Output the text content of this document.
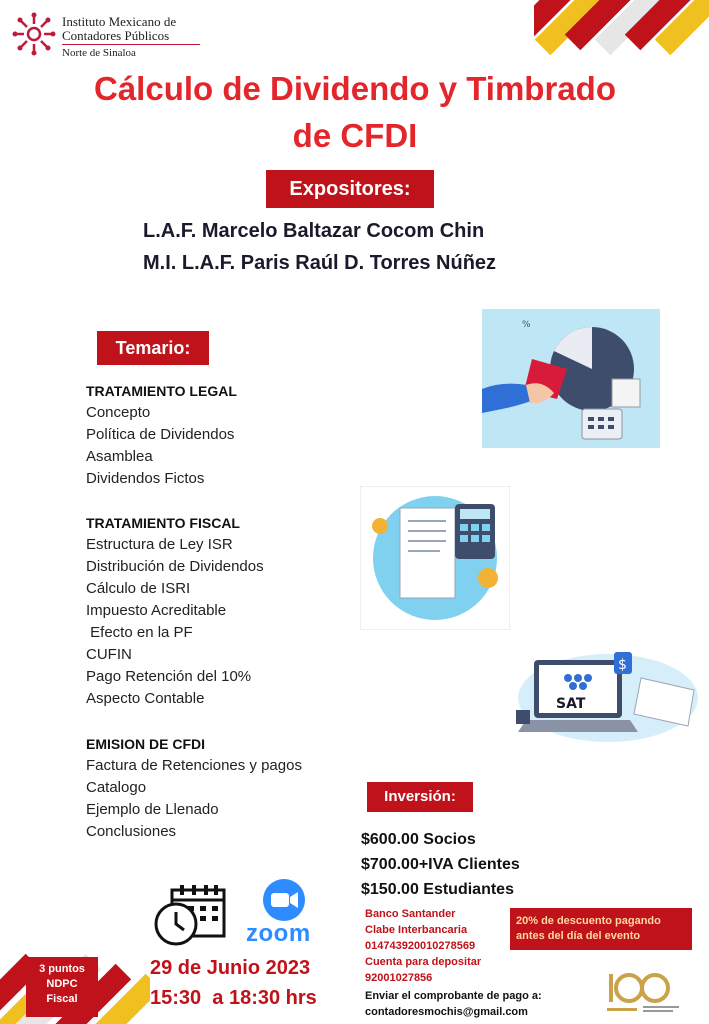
Instituto Mexicano de
Contadores Públicos
Norte de Sinaloa
Cálculo de Dividendo y Timbrado
de CFDI
Expositores:
L.A.F. Marcelo Baltazar Cocom Chin
M.I. L.A.F. Paris Raúl D. Torres Núñez
Temario:
TRATAMIENTO LEGAL
Concepto
Política de Dividendos
Asamblea
Dividendos Fictos
TRATAMIENTO FISCAL
Estructura de Ley ISR
Distribución de Dividendos
Cálculo de ISRI
Impuesto Acreditable
Efecto en la PF
CUFIN
Pago Retención del 10%
Aspecto Contable
EMISION DE CFDI
Factura de Retenciones y pagos
Catalogo
Ejemplo de Llenado
Conclusiones
%
SAT
$
Inversión:
$600.00 Socios
$700.00+IVA Clientes
$150.00 Estudiantes
Banco Santander
Clabe Interbancaria
014743920010278569
Cuenta para depositar
92001027856
Enviar el comprobante de pago a:
contadoresmochis@gmail.com
20% de descuento pagando antes del día del evento
zoom
29 de Junio 2023
15:30  a 18:30 hrs
3 puntos
NDPC
Fiscal
